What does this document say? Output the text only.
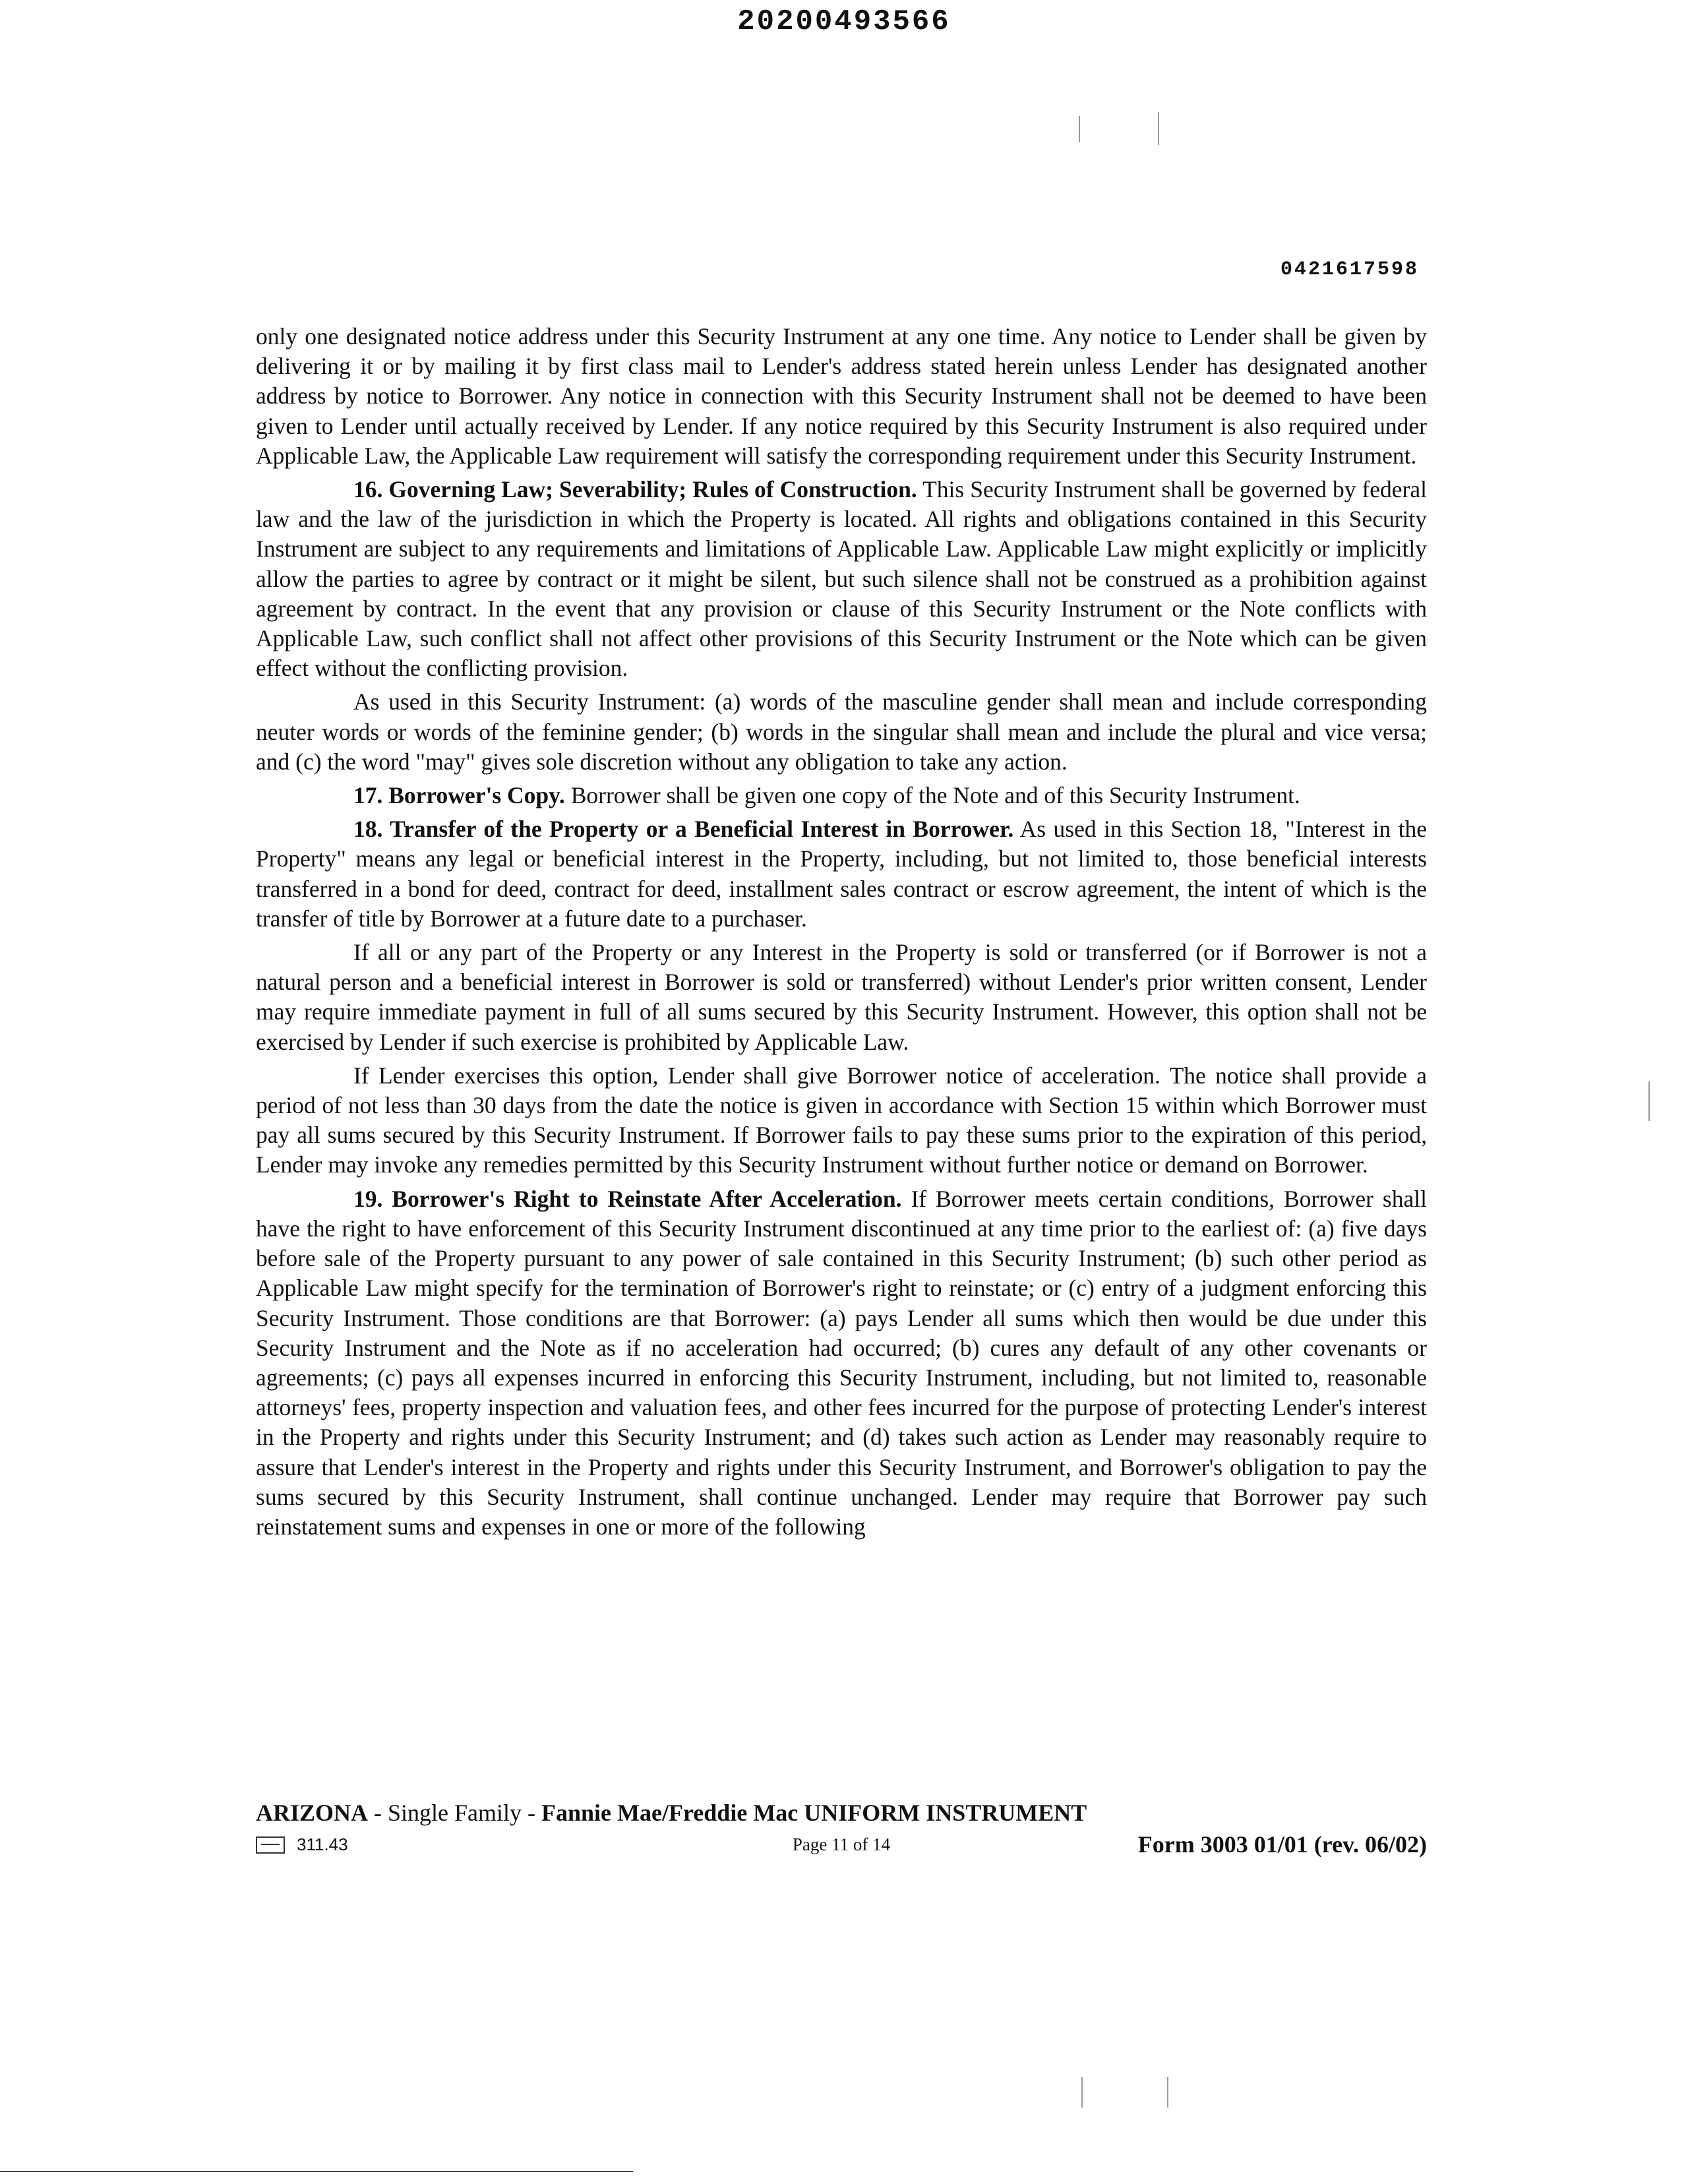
20200493566
0421617598

only one designated notice address under this Security Instrument at any one time. Any notice to Lender shall be given by delivering it or by mailing it by first class mail to Lender's address stated herein unless Lender has designated another address by notice to Borrower. Any notice in connection with this Security Instrument shall not be deemed to have been given to Lender until actually received by Lender. If any notice required by this Security Instrument is also required under Applicable Law, the Applicable Law requirement will satisfy the corresponding requirement under this Security Instrument.

16. Governing Law; Severability; Rules of Construction. This Security Instrument shall be governed by federal law and the law of the jurisdiction in which the Property is located. All rights and obligations contained in this Security Instrument are subject to any requirements and limitations of Applicable Law. Applicable Law might explicitly or implicitly allow the parties to agree by contract or it might be silent, but such silence shall not be construed as a prohibition against agreement by contract. In the event that any provision or clause of this Security Instrument or the Note conflicts with Applicable Law, such conflict shall not affect other provisions of this Security Instrument or the Note which can be given effect without the conflicting provision.

As used in this Security Instrument: (a) words of the masculine gender shall mean and include corresponding neuter words or words of the feminine gender; (b) words in the singular shall mean and include the plural and vice versa; and (c) the word "may" gives sole discretion without any obligation to take any action.

17. Borrower's Copy. Borrower shall be given one copy of the Note and of this Security Instrument.

18. Transfer of the Property or a Beneficial Interest in Borrower. As used in this Section 18, "Interest in the Property" means any legal or beneficial interest in the Property, including, but not limited to, those beneficial interests transferred in a bond for deed, contract for deed, installment sales contract or escrow agreement, the intent of which is the transfer of title by Borrower at a future date to a purchaser.

If all or any part of the Property or any Interest in the Property is sold or transferred (or if Borrower is not a natural person and a beneficial interest in Borrower is sold or transferred) without Lender's prior written consent, Lender may require immediate payment in full of all sums secured by this Security Instrument. However, this option shall not be exercised by Lender if such exercise is prohibited by Applicable Law.

If Lender exercises this option, Lender shall give Borrower notice of acceleration. The notice shall provide a period of not less than 30 days from the date the notice is given in accordance with Section 15 within which Borrower must pay all sums secured by this Security Instrument. If Borrower fails to pay these sums prior to the expiration of this period, Lender may invoke any remedies permitted by this Security Instrument without further notice or demand on Borrower.

19. Borrower's Right to Reinstate After Acceleration. If Borrower meets certain conditions, Borrower shall have the right to have enforcement of this Security Instrument discontinued at any time prior to the earliest of: (a) five days before sale of the Property pursuant to any power of sale contained in this Security Instrument; (b) such other period as Applicable Law might specify for the termination of Borrower's right to reinstate; or (c) entry of a judgment enforcing this Security Instrument. Those conditions are that Borrower: (a) pays Lender all sums which then would be due under this Security Instrument and the Note as if no acceleration had occurred; (b) cures any default of any other covenants or agreements; (c) pays all expenses incurred in enforcing this Security Instrument, including, but not limited to, reasonable attorneys' fees, property inspection and valuation fees, and other fees incurred for the purpose of protecting Lender's interest in the Property and rights under this Security Instrument; and (d) takes such action as Lender may reasonably require to assure that Lender's interest in the Property and rights under this Security Instrument, and Borrower's obligation to pay the sums secured by this Security Instrument, shall continue unchanged. Lender may require that Borrower pay such reinstatement sums and expenses in one or more of the following

ARIZONA - Single Family - Fannie Mae/Freddie Mac UNIFORM INSTRUMENT
311.43	Page 11 of 14	Form 3003 01/01 (rev. 06/02)
